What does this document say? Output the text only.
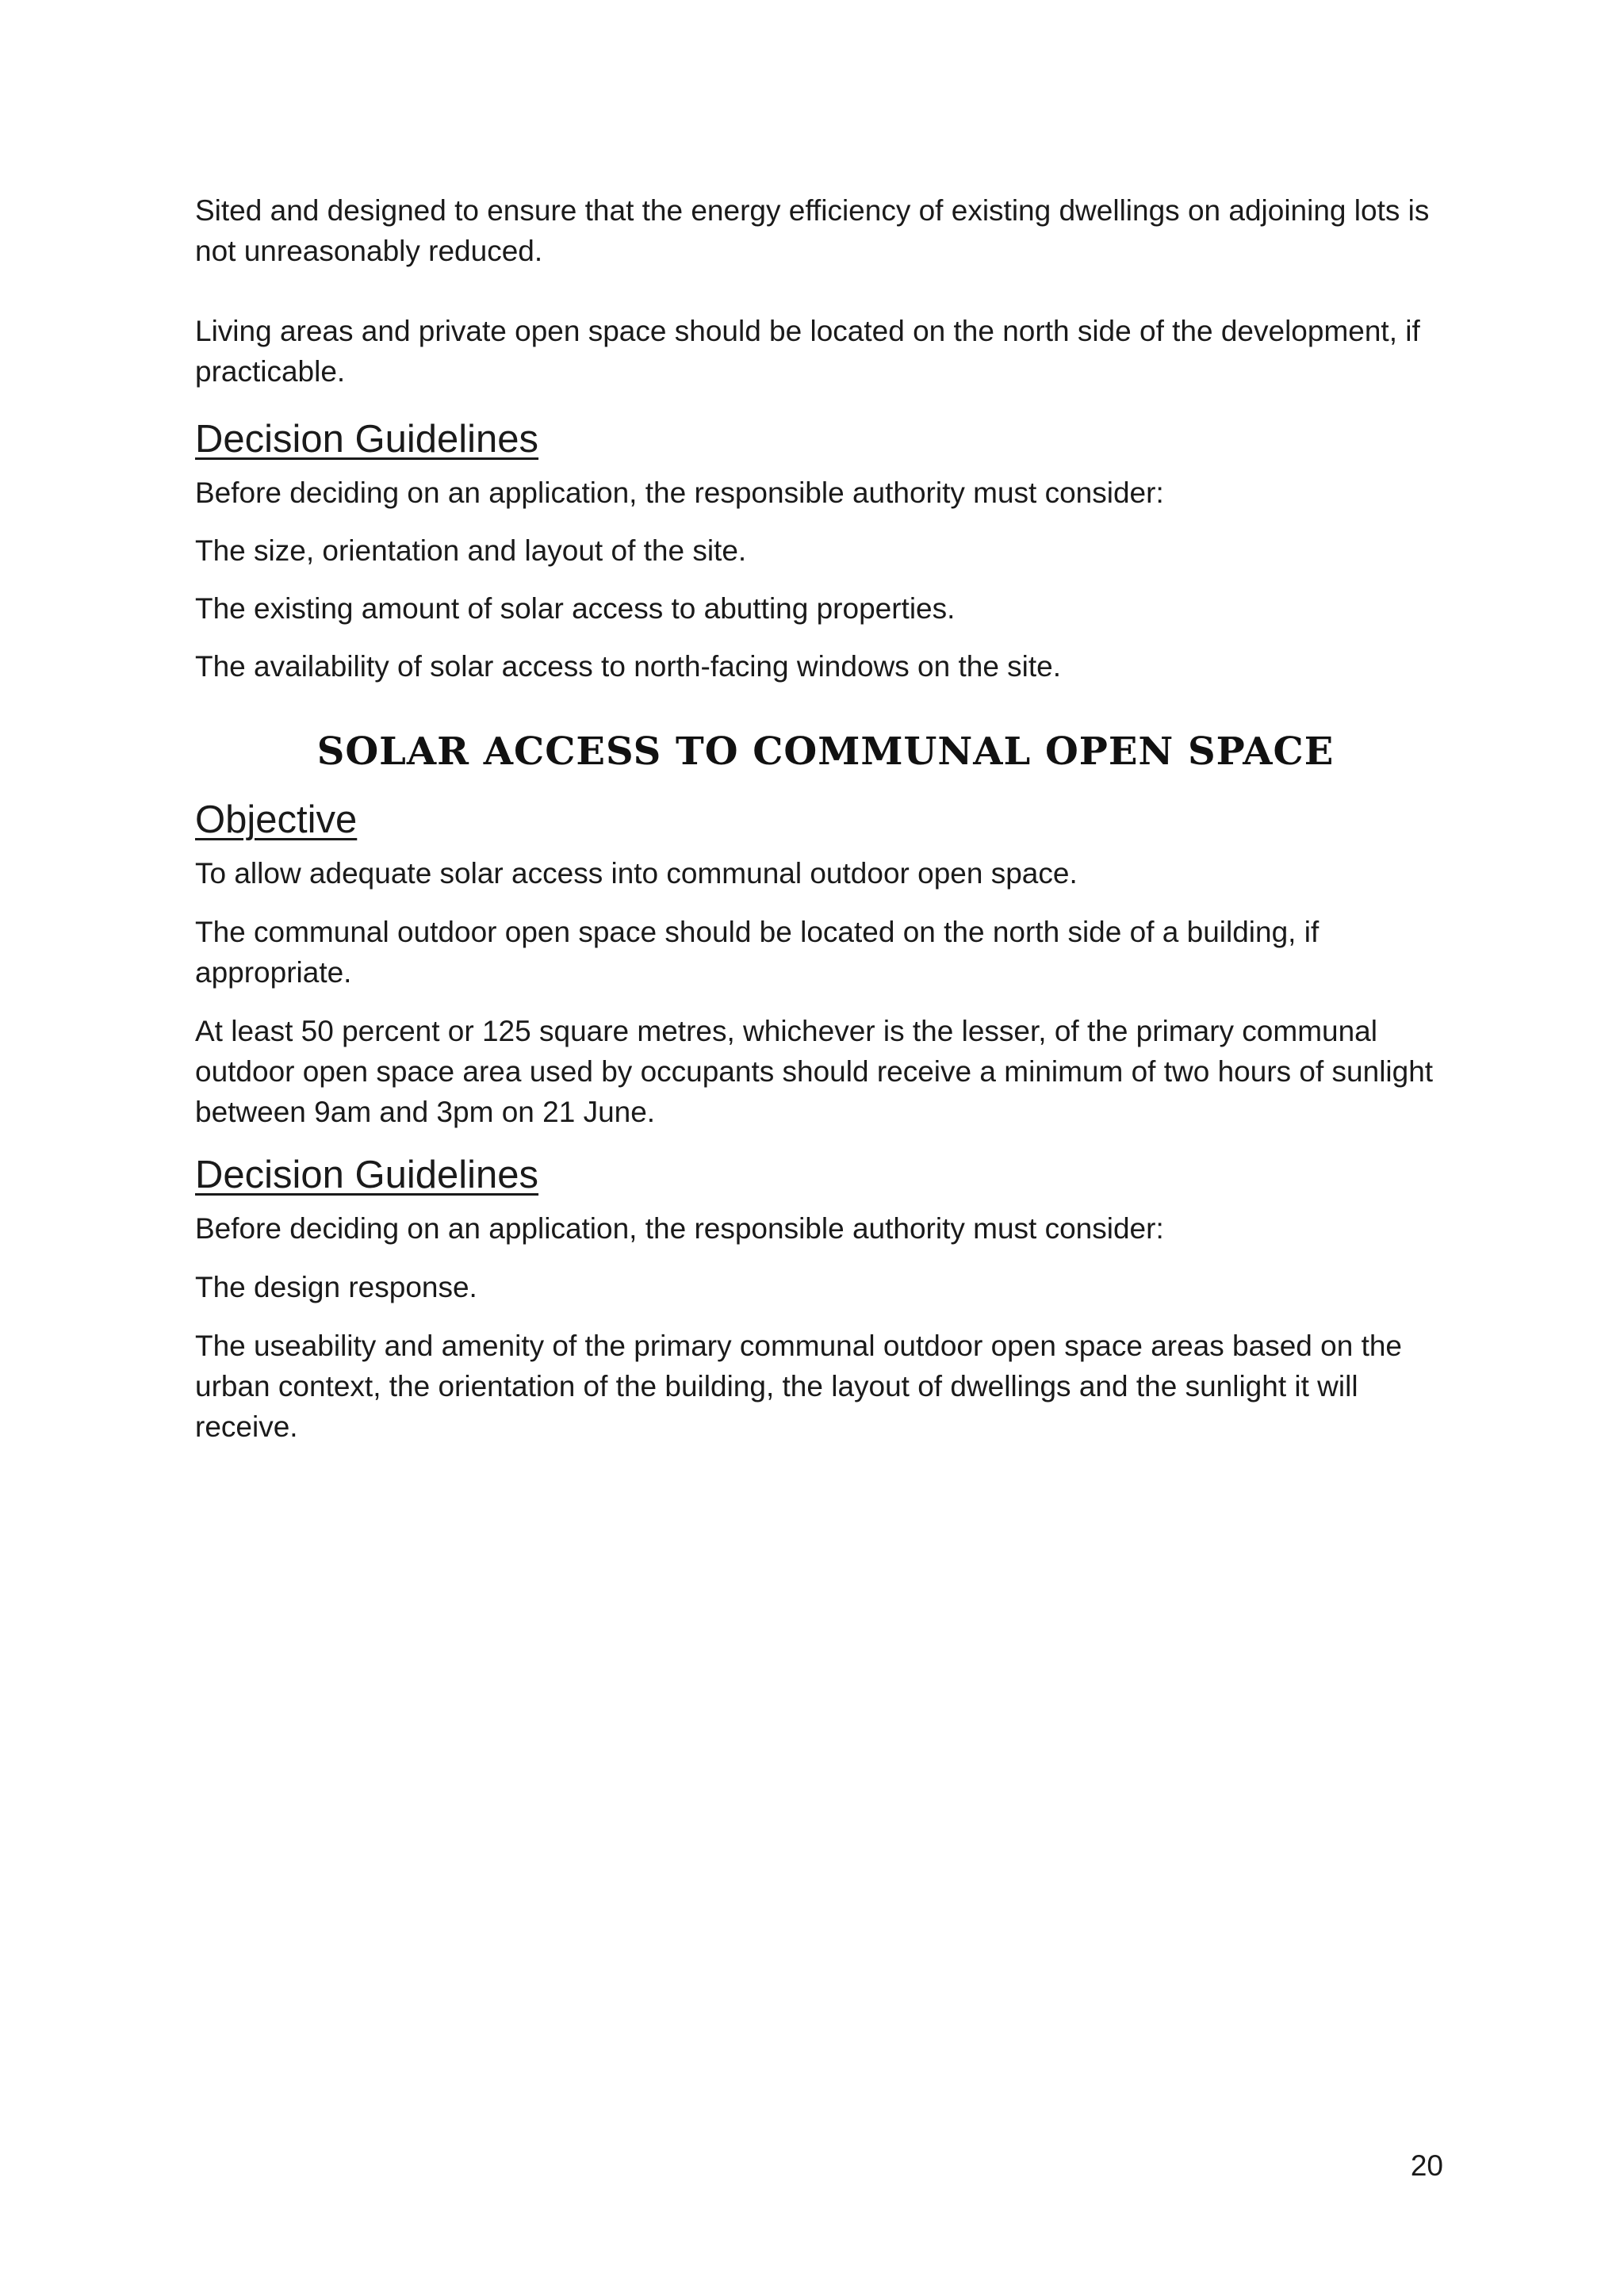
Sited and designed to ensure that the energy efficiency of existing dwellings on adjoining lots is not unreasonably reduced.

Living areas and private open space should be located on the north side of the development, if practicable.

Decision Guidelines

Before deciding on an application, the responsible authority must consider:

The size, orientation and layout of the site.

The existing amount of solar access to abutting properties.

The availability of solar access to north-facing windows on the site.

SOLAR ACCESS TO COMMUNAL OPEN SPACE
Objective

To allow adequate solar access into communal outdoor open space.

The communal outdoor open space should be located on the north side of a building, if appropriate.

At least 50 percent or 125 square metres, whichever is the lesser, of the primary communal outdoor open space area used by occupants should receive a minimum of two hours of sunlight between 9am and 3pm on 21 June.

Decision Guidelines

Before deciding on an application, the responsible authority must consider:

The design response.

The useability and amenity of the primary communal outdoor open space areas based on the urban context, the orientation of the building, the layout of dwellings and the sunlight it will receive.

20
